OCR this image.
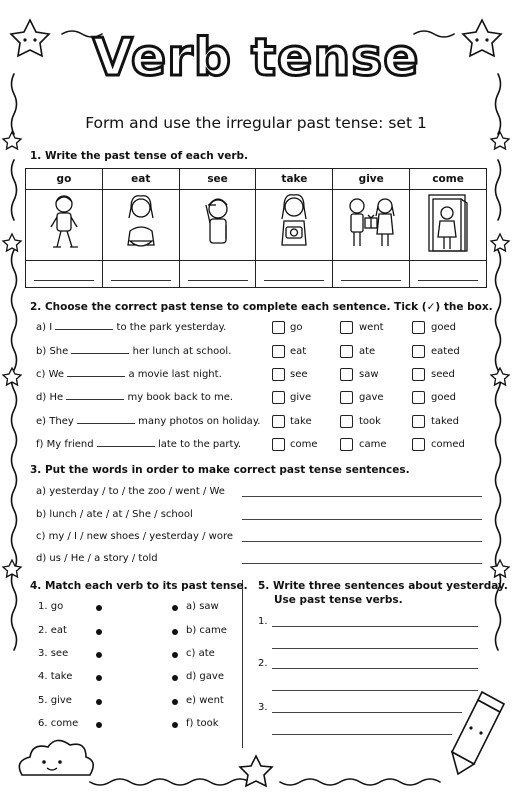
Verb tense
Form and use the irregular past tense: set 1
1. Write the past tense of each verb.
go	eat	see	take	give	come

2. Choose the correct past tense to complete each sentence. Tick (✓) the box.
a) I	to the park yesterday.	go	went	goed
b) She	her lunch at school.	eat	ate	eated
c) We	a movie last night.	see	saw	seed
d) He	my book back to me.	give	gave	goed
e) They	many photos on holiday.	take	took	taked
f) My friend	late to the party.	come	came	comed
3. Put the words in order to make correct past tense sentences.
a) yesterday / to / the zoo / went / We
b) lunch / ate / at / She / school
c) my / I / new shoes / yesterday / wore
d) us / He / a story / told
4. Match each verb to its past tense.
1. go	a) saw
2. eat	b) came
3. see	c) ate
4. take	d) gave
5. give	e) went
6. come	f) took
5. Write three sentences about yesterday.
Use past tense verbs.
1.
2.
3.
